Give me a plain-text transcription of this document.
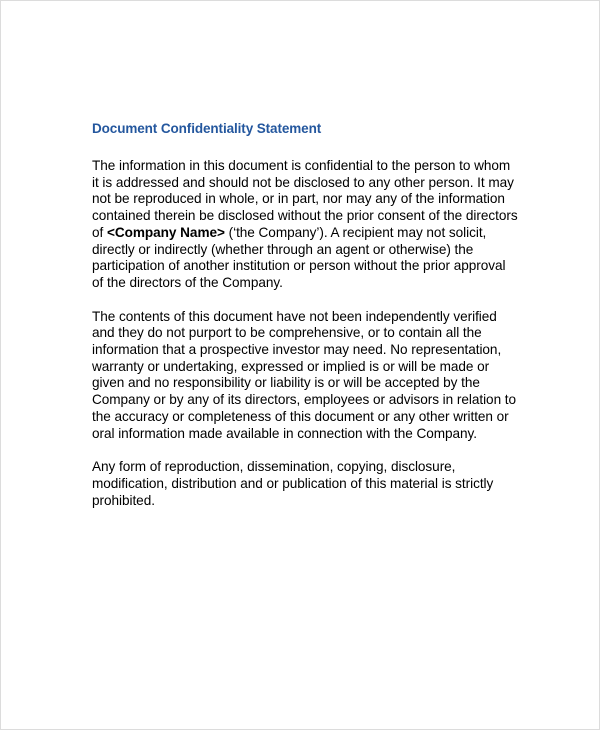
Document Confidentiality Statement

The information in this document is confidential to the person to whom it is addressed and should not be disclosed to any other person. It may not be reproduced in whole, or in part, nor may any of the information contained therein be disclosed without the prior consent of the directors of <Company Name> (‘the Company’). A recipient may not solicit, directly or indirectly (whether through an agent or otherwise) the participation of another institution or person without the prior approval of the directors of the Company.

The contents of this document have not been independently verified and they do not purport to be comprehensive, or to contain all the information that a prospective investor may need. No representation, warranty or undertaking, expressed or implied is or will be made or given and no responsibility or liability is or will be accepted by the Company or by any of its directors, employees or advisors in relation to the accuracy or completeness of this document or any other written or oral information made available in connection with the Company.

Any form of reproduction, dissemination, copying, disclosure, modification, distribution and or publication of this material is strictly prohibited.
